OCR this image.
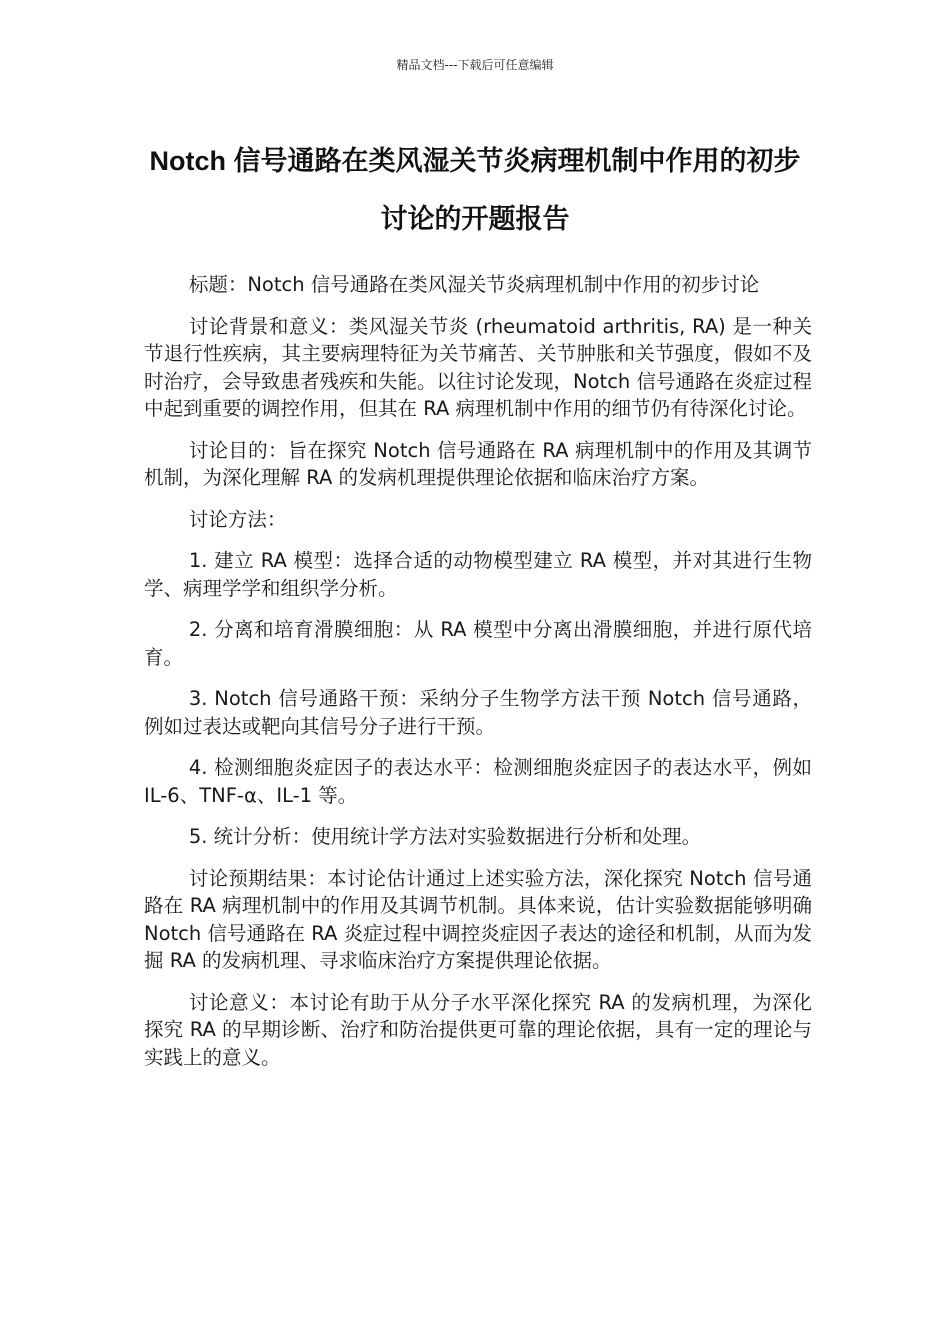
精品文档---下载后可任意编辑
Notch 信号通路在类风湿关节炎病理机制中作用的初步讨论的开题报告

标题：Notch 信号通路在类风湿关节炎病理机制中作用的初步讨论

讨论背景和意义：类风湿关节炎 (rheumatoid arthritis, RA) 是一种关节退行性疾病，其主要病理特征为关节痛苦、关节肿胀和关节强度，假如不及时治疗，会导致患者残疾和失能。以往讨论发现，Notch 信号通路在炎症过程中起到重要的调控作用，但其在 RA 病理机制中作用的细节仍有待深化讨论。

讨论目的：旨在探究 Notch 信号通路在 RA 病理机制中的作用及其调节机制，为深化理解 RA 的发病机理提供理论依据和临床治疗方案。

讨论方法：

1. 建立 RA 模型：选择合适的动物模型建立 RA 模型，并对其进行生物学、病理学学和组织学分析。

2. 分离和培育滑膜细胞：从 RA 模型中分离出滑膜细胞，并进行原代培育。

3. Notch 信号通路干预：采纳分子生物学方法干预 Notch 信号通路，例如过表达或靶向其信号分子进行干预。

4. 检测细胞炎症因子的表达水平：检测细胞炎症因子的表达水平，例如 IL-6、TNF-α、IL-1 等。

5. 统计分析：使用统计学方法对实验数据进行分析和处理。

讨论预期结果：本讨论估计通过上述实验方法，深化探究 Notch 信号通路在 RA 病理机制中的作用及其调节机制。具体来说，估计实验数据能够明确 Notch 信号通路在 RA 炎症过程中调控炎症因子表达的途径和机制，从而为发掘 RA 的发病机理、寻求临床治疗方案提供理论依据。

讨论意义：本讨论有助于从分子水平深化探究 RA 的发病机理，为深化探究 RA 的早期诊断、治疗和防治提供更可靠的理论依据，具有一定的理论与实践上的意义。
